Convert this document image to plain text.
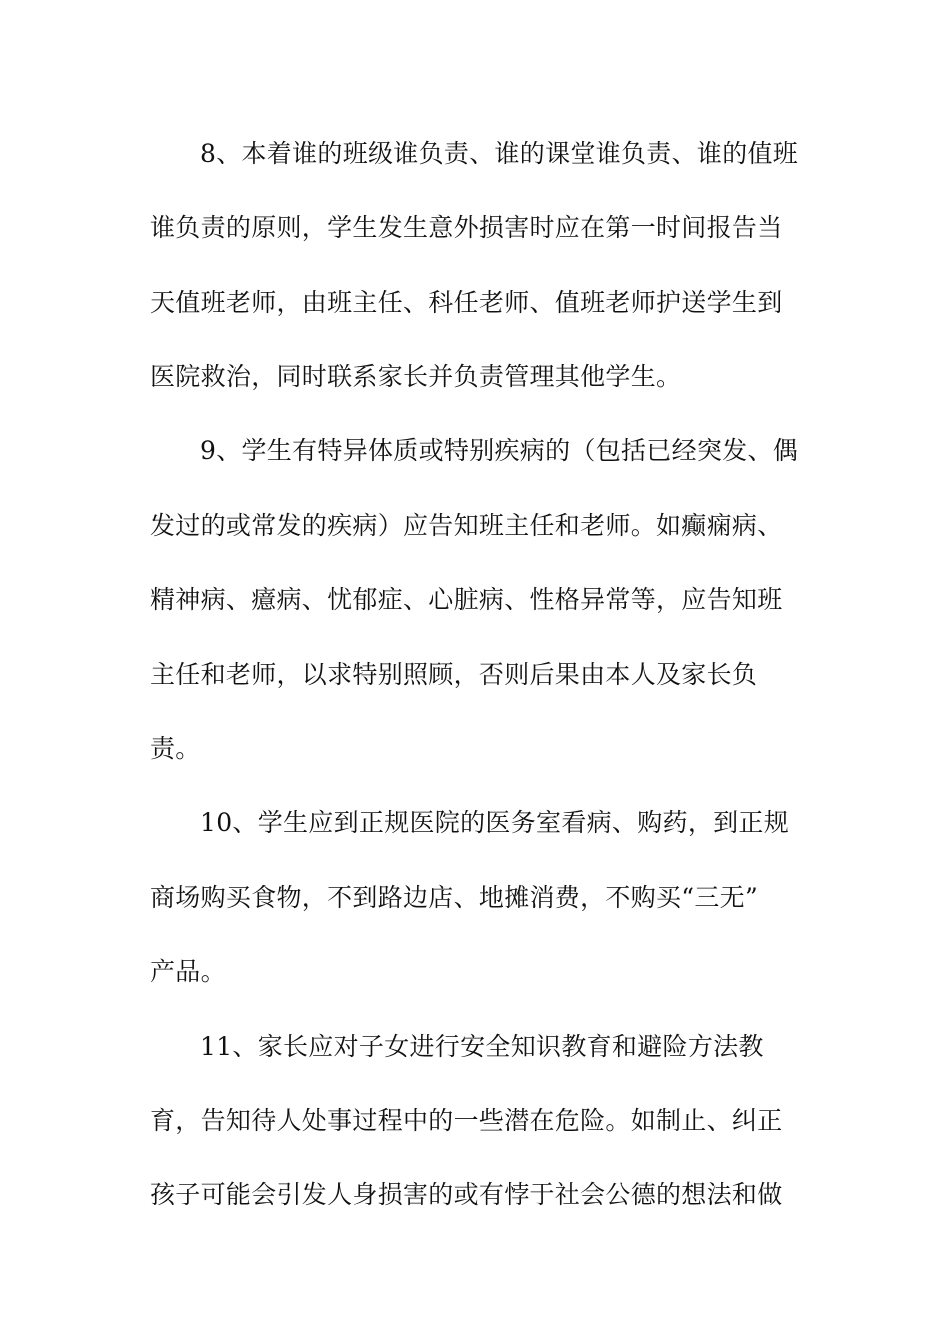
8、本着谁的班级谁负责、谁的课堂谁负责、谁的值班
谁负责的原则，学生发生意外损害时应在第一时间报告当
天值班老师，由班主任、科任老师、值班老师护送学生到
医院救治，同时联系家长并负责管理其他学生。
9、学生有特异体质或特别疾病的（包括已经突发、偶
发过的或常发的疾病）应告知班主任和老师。如癫痫病、
精神病、癔病、忧郁症、心脏病、性格异常等，应告知班
主任和老师，以求特别照顾，否则后果由本人及家长负
责。
10、学生应到正规医院的医务室看病、购药，到正规
商场购买食物，不到路边店、地摊消费，不购买“三无”
产品。
11、家长应对子女进行安全知识教育和避险方法教
育，告知待人处事过程中的一些潜在危险。如制止、纠正
孩子可能会引发人身损害的或有悖于社会公德的想法和做
